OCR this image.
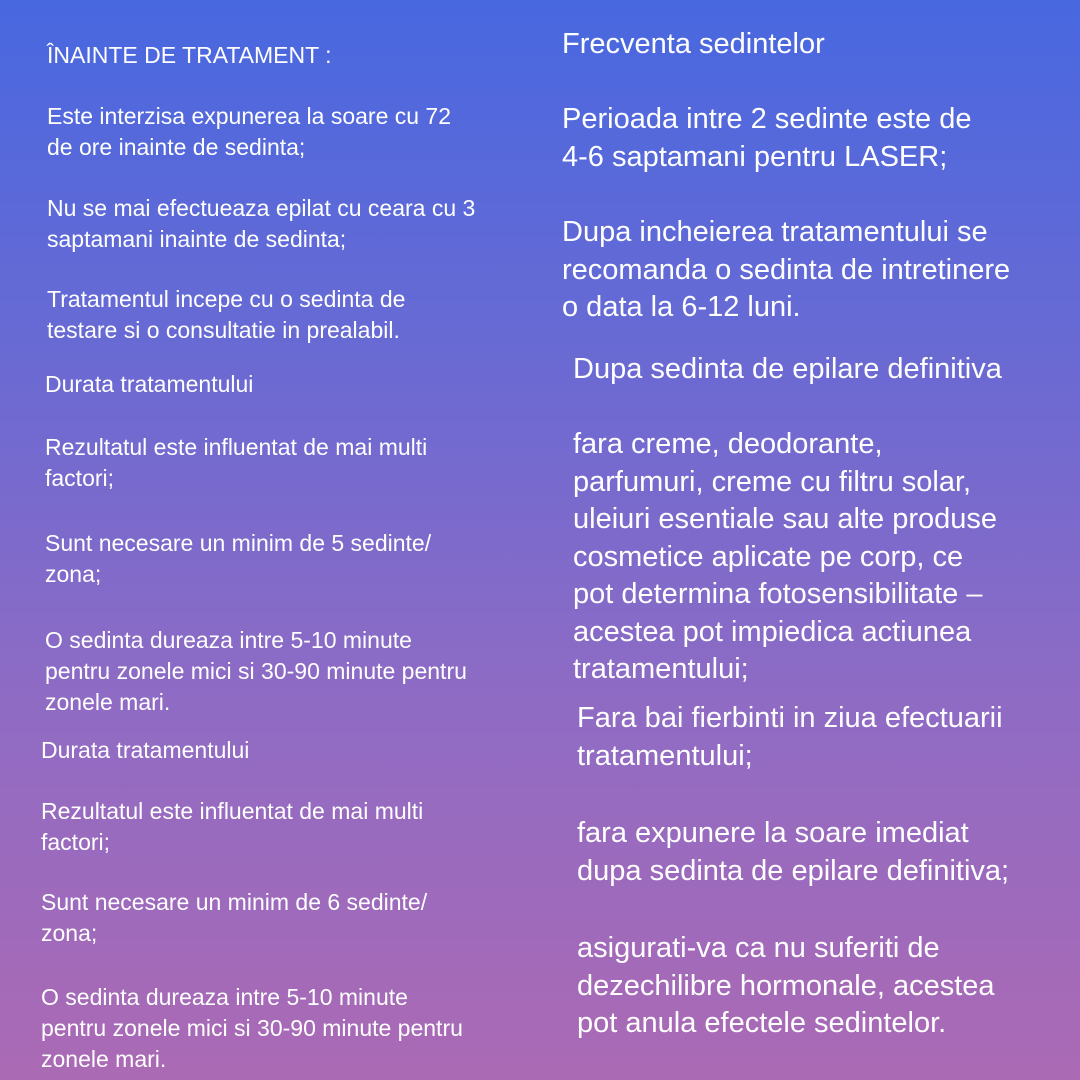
ÎNAINTE DE TRATAMENT :

Este interzisa expunerea la soare cu 72
de ore inainte de sedinta;

Nu se mai efectueaza epilat cu ceara cu 3
saptamani inainte de sedinta;

Tratamentul incepe cu o sedinta de
testare si o consultatie in prealabil.

Durata tratamentului

Rezultatul este influentat de mai multi
factori;

Sunt necesare un minim de 5 sedinte/
zona;

O sedinta dureaza intre 5-10 minute
pentru zonele mici si 30-90 minute pentru
zonele mari.

Durata tratamentului

Rezultatul este influentat de mai multi
factori;

Sunt necesare un minim de 6 sedinte/
zona;

O sedinta dureaza intre 5-10 minute
pentru zonele mici si 30-90 minute pentru
zonele mari.

Frecventa sedintelor

Perioada intre 2 sedinte este de
4-6 saptamani pentru LASER;

Dupa incheierea tratamentului se
recomanda o sedinta de intretinere
o data la 6-12 luni.

Dupa sedinta de epilare definitiva

fara creme, deodorante,
parfumuri, creme cu filtru solar,
uleiuri esentiale sau alte produse
cosmetice aplicate pe corp, ce
pot determina fotosensibilitate –
acestea pot impiedica actiunea
tratamentului;

Fara bai fierbinti in ziua efectuarii
tratamentului;

fara expunere la soare imediat
dupa sedinta de epilare definitiva;

asigurati-va ca nu suferiti de
dezechilibre hormonale, acestea
pot anula efectele sedintelor.
